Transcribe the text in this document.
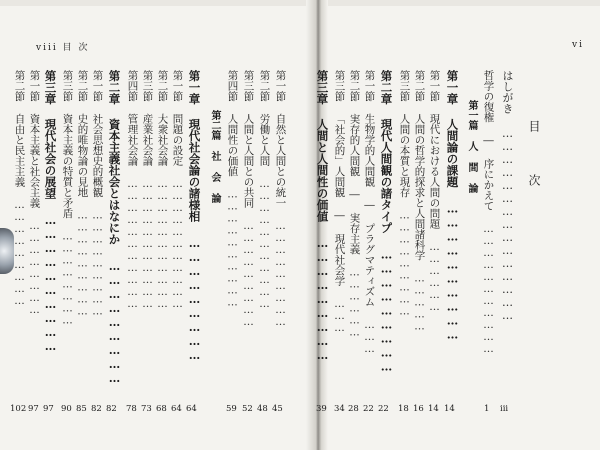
viii 目 次	vi
目 次
はしがき ………………………………………
iii
哲学の復権 ― 序にかえて ……………………………
1
第一篇 人 間 論
第一章 人間論の課題 …………………………
14
第一節 現代における人間の問題 ………………
14
第二節 人間の哲学的探求と人間諸科学 ……………
16
第三節 人間の本質と現存 ………………………
18
第二章 現代人間観の諸タイプ ………………………
22
第一節 生物学的人間観 ― プラグマティズム ………
22
第二節 実存的人間観 ― 実存主義 ………………
28
第三節 「社会的」人間観 ― 現代社会学 ………
34
第一節 自然と人間との統一 ………………………
45
第二節 労働と人間 ……………………………
48
第三節 人間と人間との共同 ………………………
52
第四節 人間性の価値 …………………………
59
第二篇 社 会 論
第一章 現代社会論の諸様相 ………………………
64
第一節 問題の設定 ……………………………
64
第二節 大衆社会論 ……………………………
68
第三節 産業社会論 ……………………………
73
第四節 管理社会論 ……………………………
78
第二章 資本主義社会とはなにか ………………………
82
第一節 社会思想史的概観 ………………………
82
第二節 史的唯物論の見地 ………………………
85
第三節 資本主義の特質と矛盾 ……………………
90
第三章 現代社会の展望 …………………………
97
第一節 資本主義と社会主義 ……………………
97
第二節 自由と民主主義 ………………………
102
第三章 人間と人間性の価値 ………………………
39
